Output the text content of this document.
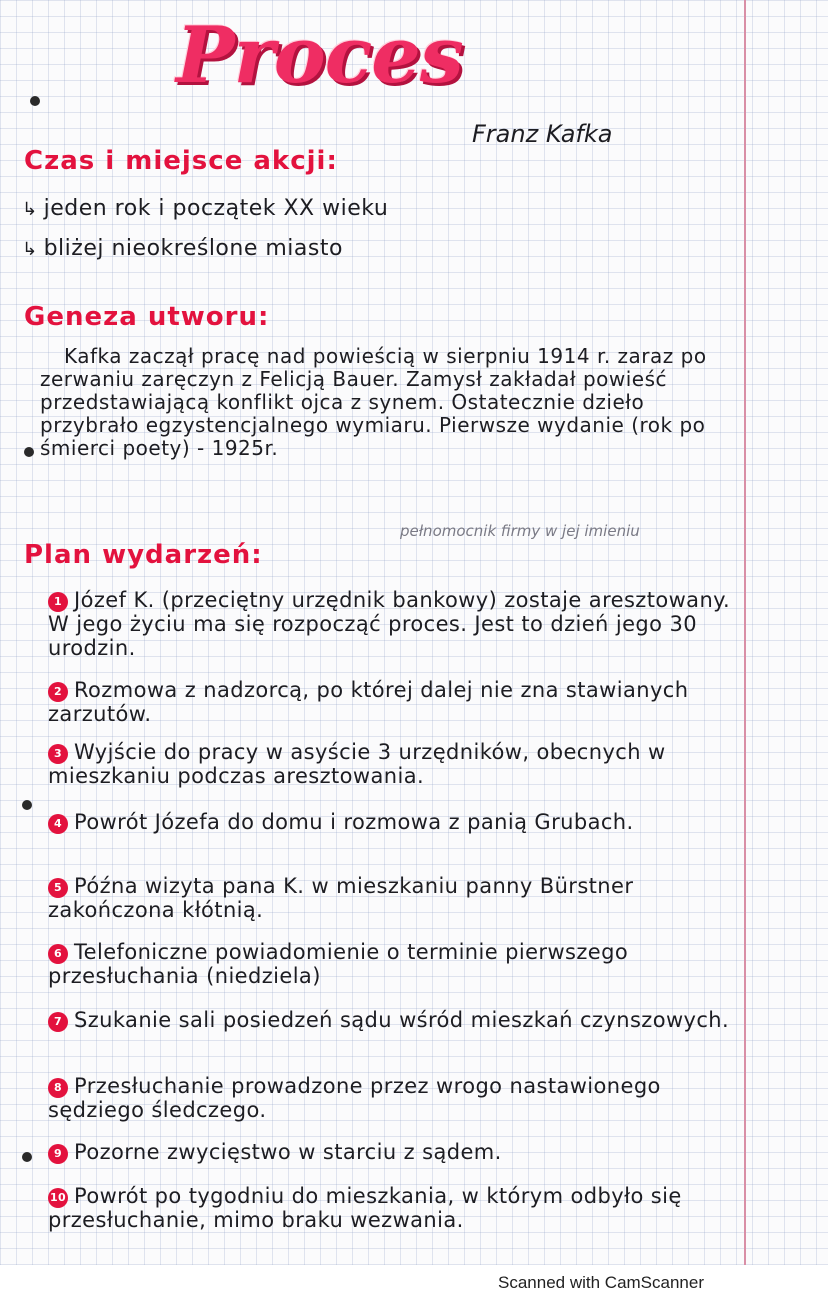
Proces
Franz Kafka
Czas i miejsce akcji:
↳ jeden rok i początek XX wieku
↳ bliżej nieokreślone miasto
Geneza utworu:
Kafka zaczął pracę nad powieścią w sierpniu 1914 r. zaraz po zerwaniu zaręczyn z Felicją Bauer. Zamysł zakładał powieść przedstawiającą konflikt ojca z synem. Ostatecznie dzieło przybrało egzystencjalnego wymiaru. Pierwsze wydanie (rok po śmierci poety) - 1925r.
Plan wydarzeń:
pełnomocnik firmy w jej imieniu
1 Józef K. (przeciętny urzędnik bankowy) zostaje aresztowany. W jego życiu ma się rozpocząć proces. Jest to dzień jego 30 urodzin.
2 Rozmowa z nadzorcą, po której dalej nie zna stawianych zarzutów.
3 Wyjście do pracy w asyście 3 urzędników, obecnych w mieszkaniu podczas aresztowania.
4 Powrót Józefa do domu i rozmowa z panią Grubach.
5 Późna wizyta pana K. w mieszkaniu panny Bürstner zakończona kłótnią.
6 Telefoniczne powiadomienie o terminie pierwszego przesłuchania (niedziela)
7 Szukanie sali posiedzeń sądu wśród mieszkań czynszowych.
8 Przesłuchanie prowadzone przez wrogo nastawionego sędziego śledczego.
9 Pozorne zwycięstwo w starciu z sądem.
10 Powrót po tygodniu do mieszkania, w którym odbyło się przesłuchanie, mimo braku wezwania.
Scanned with CamScanner
